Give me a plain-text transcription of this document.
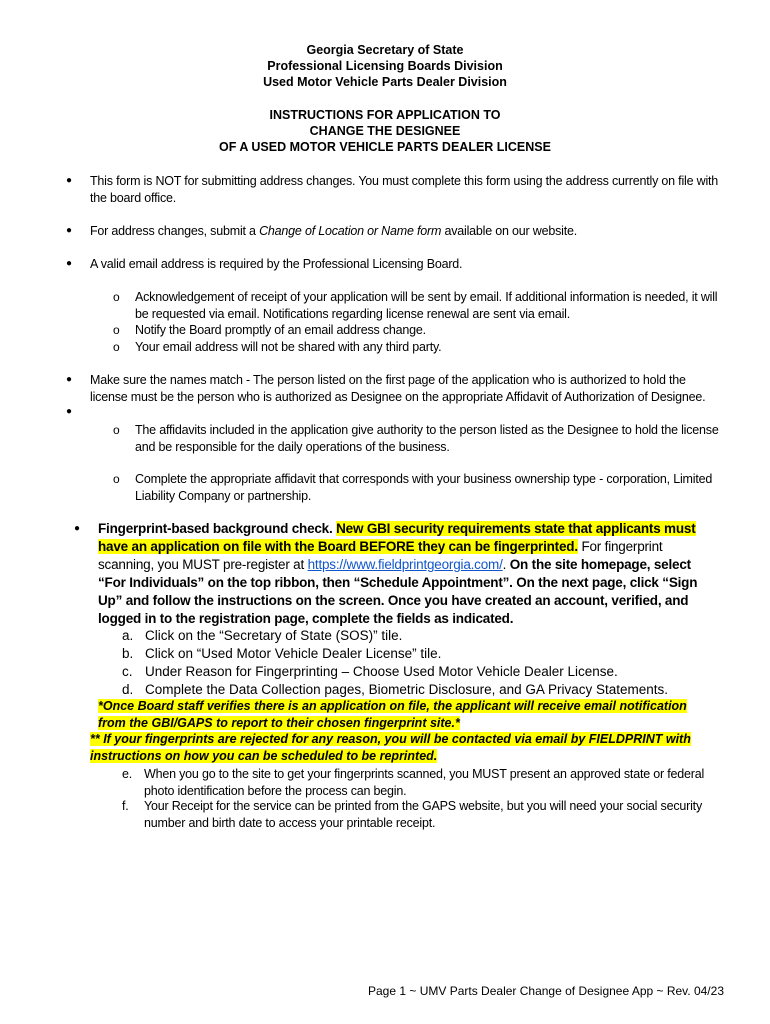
Georgia Secretary of State
Professional Licensing Boards Division
Used Motor Vehicle Parts Dealer Division
INSTRUCTIONS FOR APPLICATION TO
CHANGE THE DESIGNEE
OF A USED MOTOR VEHICLE PARTS DEALER LICENSE
● This form is NOT for submitting address changes. You must complete this form using the address currently on file with the board office.
● For address changes, submit a Change of Location or Name form available on our website.
● A valid email address is required by the Professional Licensing Board.
o Acknowledgement of receipt of your application will be sent by email. If additional information is needed, it will be requested via email. Notifications regarding license renewal are sent via email.
o Notify the Board promptly of an email address change.
o Your email address will not be shared with any third party.
● Make sure the names match - The person listed on the first page of the application who is authorized to hold the license must be the person who is authorized as Designee on the appropriate Affidavit of Authorization of Designee.
●
o The affidavits included in the application give authority to the person listed as the Designee to hold the license and be responsible for the daily operations of the business.
o Complete the appropriate affidavit that corresponds with your business ownership type - corporation, Limited Liability Company or partnership.
● Fingerprint-based background check. New GBI security requirements state that applicants must have an application on file with the Board BEFORE they can be fingerprinted. For fingerprint scanning, you MUST pre-register at https://www.fieldprintgeorgia.com/. On the site homepage, select “For Individuals” on the top ribbon, then “Schedule Appointment”. On the next page, click “Sign Up” and follow the instructions on the screen. Once you have created an account, verified, and logged in to the registration page, complete the fields as indicated.
a. Click on the “Secretary of State (SOS)” tile.
b. Click on “Used Motor Vehicle Dealer License” tile.
c. Under Reason for Fingerprinting – Choose Used Motor Vehicle Dealer License.
d. Complete the Data Collection pages, Biometric Disclosure, and GA Privacy Statements.
*Once Board staff verifies there is an application on file, the applicant will receive email notification from the GBI/GAPS to report to their chosen fingerprint site.*
** If your fingerprints are rejected for any reason, you will be contacted via email by FIELDPRINT with instructions on how you can be scheduled to be reprinted.
e. When you go to the site to get your fingerprints scanned, you MUST present an approved state or federal photo identification before the process can begin.
f. Your Receipt for the service can be printed from the GAPS website, but you will need your social security number and birth date to access your printable receipt.
Page 1 ~ UMV Parts Dealer Change of Designee App ~ Rev. 04/23
